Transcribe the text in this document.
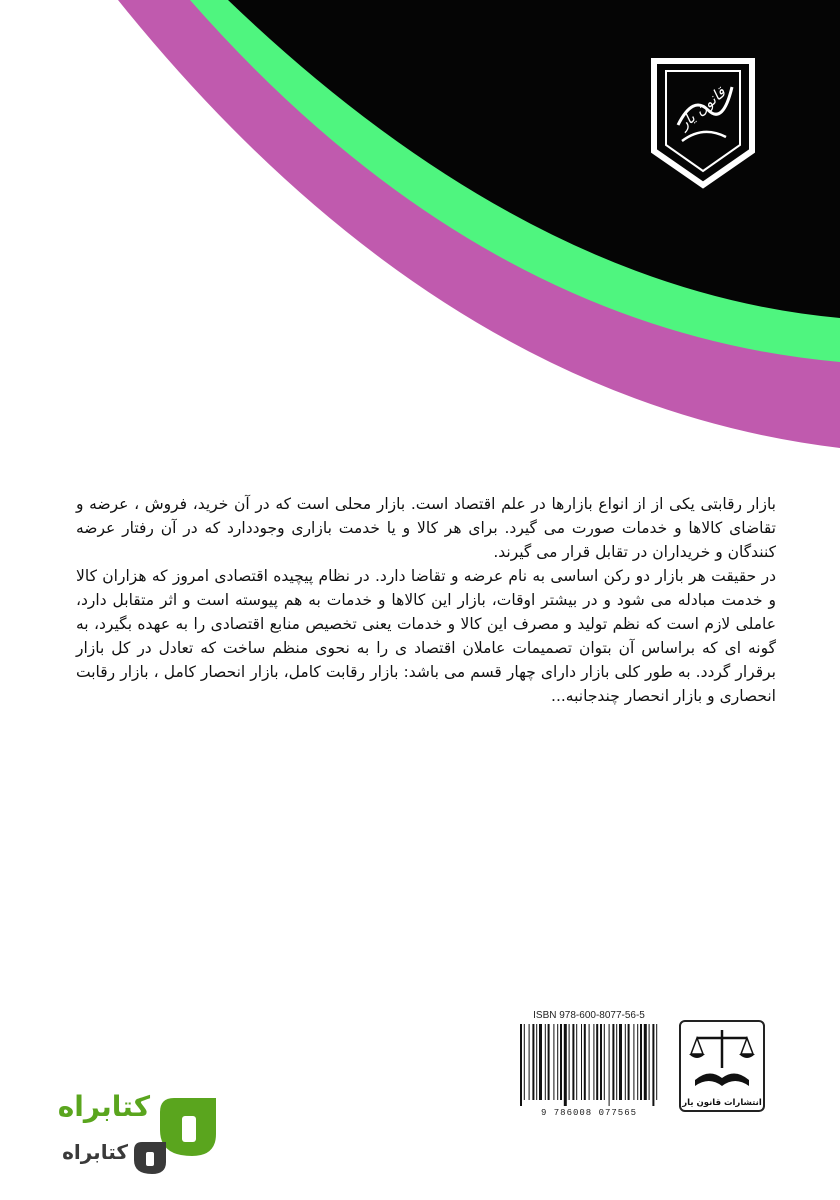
قانون یار

بازار رقابتی یکی از از انواع بازارها در علم اقتصاد است. بازار محلی است که در آن خرید، فروش ، عرضه و تقاضای کالاها و خدمات صورت می گیرد. برای هر کالا و یا خدمت بازاری وجوددارد که در آن رفتار عرضه کنندگان و خریداران در تقابل قرار می گیرند.

در حقیقت هر بازار دو رکن اساسی به نام عرضه و تقاضا دارد. در نظام پیچیده اقتصادی امروز که هزاران کالا و خدمت مبادله می شود و در بیشتر اوقات، بازار این کالاها و خدمات به هم پیوسته است و اثر متقابل دارد، عاملی لازم است که نظم تولید و مصرف این کالا و خدمات یعنی تخصیص منابع اقتصادی را به عهده بگیرد، به گونه ای که براساس آن بتوان تصمیمات عاملان اقتصاد ی را به نحوی منظم ساخت که تعادل در کل بازار برقرار گردد. به طور کلی بازار دارای چهار قسم می باشد: بازار رقابت کامل، بازار انحصار کامل ، بازار رقابت انحصاری و بازار انحصار چندجانبه...

ISBN 978-600-8077-56-5
9 786008 077565
انتشارات قانون یار
کتابراه
کتابراه
